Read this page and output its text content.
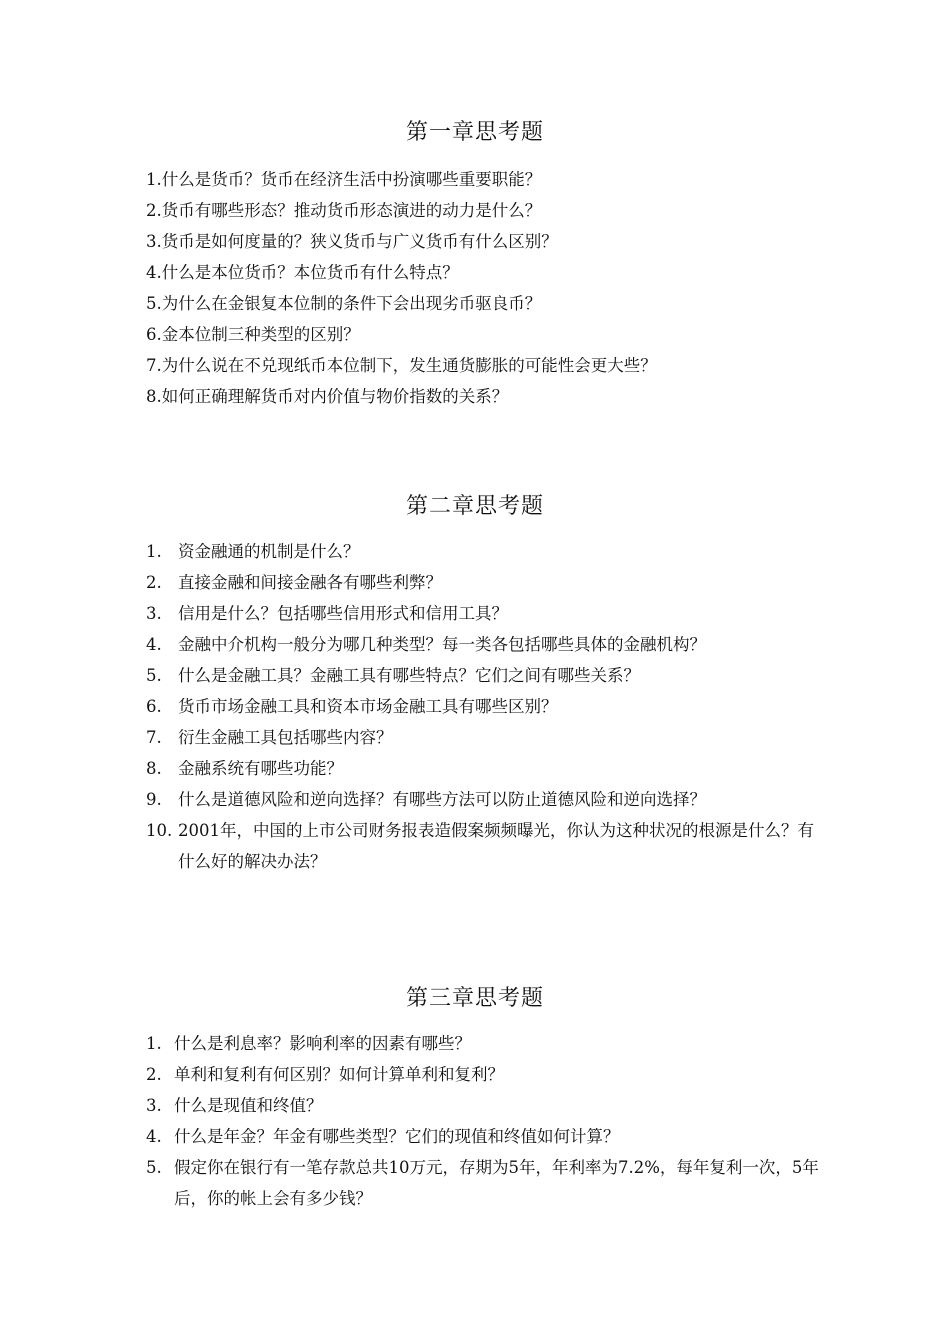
第一章思考题
1. 什么是货币？货币在经济生活中扮演哪些重要职能？
2. 货币有哪些形态？推动货币形态演进的动力是什么？
3. 货币是如何度量的？狭义货币与广义货币有什么区别？
4. 什么是本位货币？本位货币有什么特点？
5. 为什么在金银复本位制的条件下会出现劣币驱良币？
6. 金本位制三种类型的区别？
7. 为什么说在不兑现纸币本位制下，发生通货膨胀的可能性会更大些？
8. 如何正确理解货币对内价值与物价指数的关系？
第二章思考题
1. 资金融通的机制是什么？
2. 直接金融和间接金融各有哪些利弊？
3. 信用是什么？包括哪些信用形式和信用工具？
4. 金融中介机构一般分为哪几种类型？每一类各包括哪些具体的金融机构？
5. 什么是金融工具？金融工具有哪些特点？它们之间有哪些关系？
6. 货币市场金融工具和资本市场金融工具有哪些区别？
7. 衍生金融工具包括哪些内容？
8. 金融系统有哪些功能？
9. 什么是道德风险和逆向选择？有哪些方法可以防止道德风险和逆向选择？
10. 2001年，中国的上市公司财务报表造假案频频曝光，你认为这种状况的根源是什么？有什么好的解决办法？
第三章思考题
1. 什么是利息率？影响利率的因素有哪些？
2. 单利和复利有何区别？如何计算单利和复利？
3. 什么是现值和终值？
4. 什么是年金？年金有哪些类型？它们的现值和终值如何计算？
5. 假定你在银行有一笔存款总共10万元，存期为5年，年利率为7.2%，每年复利一次，5年后，你的帐上会有多少钱？
